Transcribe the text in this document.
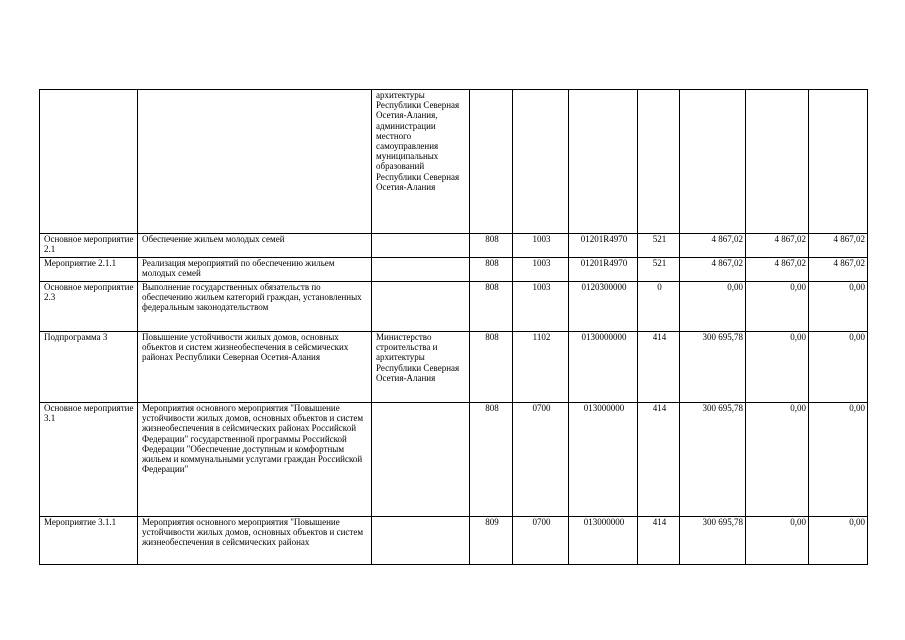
		архитектуры Республики Северная Осетия-Алания, администрации местного самоуправления муниципальных образований Республики Северная Осетия-Алания							
Основное мероприятие 2.1	Обеспечение жильем молодых семей		808	1003	01201R4970	521	4 867,02	4 867,02	4 867,02
Мероприятие 2.1.1	Реализация мероприятий по обеспечению жильем молодых семей		808	1003	01201R4970	521	4 867,02	4 867,02	4 867,02
Основное мероприятие 2.3	Выполнение государственных обязательств по обеспечению жильем категорий граждан, установленных федеральным законодательством		808	1003	0120300000	0	0,00	0,00	0,00
Подпрограмма 3	Повышение устойчивости жилых домов, основных объектов и систем жизнеобеспечения в сейсмических районах Республики Северная Осетия-Алания	Министерство строительства и архитектуры Республики Северная Осетия-Алания	808	1102	0130000000	414	300 695,78	0,00	0,00
Основное мероприятие 3.1	Мероприятия основного мероприятия "Повышение устойчивости жилых домов, основных объектов и систем жизнеобеспечения в сейсмических районах Российской Федерации" государственной программы Российской Федерации "Обеспечение доступным и комфортным жильем и коммунальными услугами граждан Российской Федерации"		808	0700	013000000	414	300 695,78	0,00	0,00
Мероприятие 3.1.1	Мероприятия основного мероприятия "Повышение устойчивости жилых домов, основных объектов и систем жизнеобеспечения в сейсмических районах		809	0700	013000000	414	300 695,78	0,00	0,00
